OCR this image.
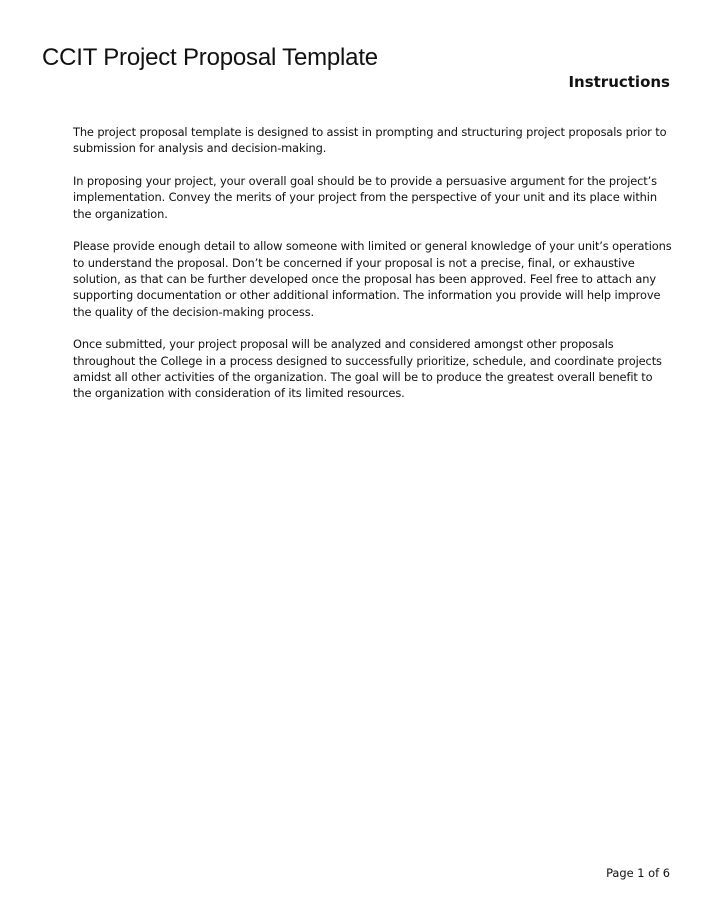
CCIT Project Proposal Template
Instructions

The project proposal template is designed to assist in prompting and structuring project proposals prior to submission for analysis and decision-making.

In proposing your project, your overall goal should be to provide a persuasive argument for the project’s implementation. Convey the merits of your project from the perspective of your unit and its place within the organization.

Please provide enough detail to allow someone with limited or general knowledge of your unit’s operations to understand the proposal. Don’t be concerned if your proposal is not a precise, final, or exhaustive solution, as that can be further developed once the proposal has been approved. Feel free to attach any supporting documentation or other additional information. The information you provide will help improve the quality of the decision-making process.

Once submitted, your project proposal will be analyzed and considered amongst other proposals throughout the College in a process designed to successfully prioritize, schedule, and coordinate projects amidst all other activities of the organization. The goal will be to produce the greatest overall benefit to the organization with consideration of its limited resources.

Page 1 of 6
